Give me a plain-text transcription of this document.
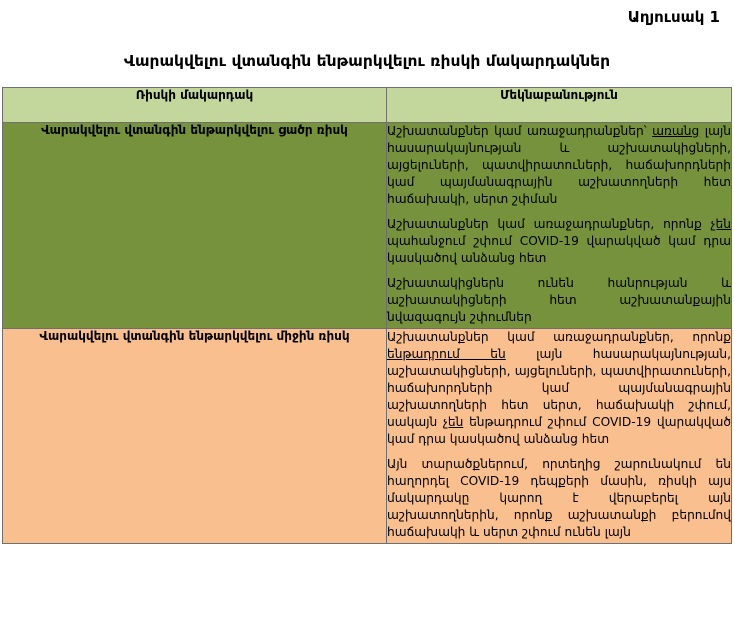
Աղյուսակ 1
Վարակվելու վտանգին ենթարկվելու ռիսկի մակարդակներ
Ռիսկի մակարդակ	Մեկնաբանություն
Վարակվելու վտանգին ենթարկվելու ցածր ռիսկ	Աշխատանքներ կամ առաջադրանքներ՝ առանց լայն հասարակայնության և աշխատակիցների, այցելուների, պատվիրատուների, հաճախորդների կամ պայմանագրային աշխատողների հետ հաճախակի, սերտ շփման
Աշխատանքներ կամ առաջադրանքներ, որոնք չեն պահանջում շփում COVID-19 վարակված կամ դրա կասկածով անձանց հետ
Աշխատակիցներն ունեն հանրության և աշխատակիցների հետ աշխատանքային նվազագույն շփումներ

Վարակվելու վտանգին ենթարկվելու միջին ռիսկ	Աշխատանքներ կամ առաջադրանքներ, որոնք ենթադրում են լայն հասարակայնության, աշխատակիցների, այցելուների, պատվիրատուների, հաճախորդների կամ պայմանագրային աշխատողների հետ սերտ, հաճախակի շփում, սակայն չեն ենթադրում շփում COVID-19 վարակված կամ դրա կասկածով անձանց հետ
Այն տարածքներում, որտեղից շարունակում են հաղորդել COVID-19 դեպքերի մասին, ռիսկի այս մակարդակը կարող է վերաբերել այն աշխատողներին, որոնք աշխատանքի բերումով հաճախակի և սերտ շփում ունեն լայն
